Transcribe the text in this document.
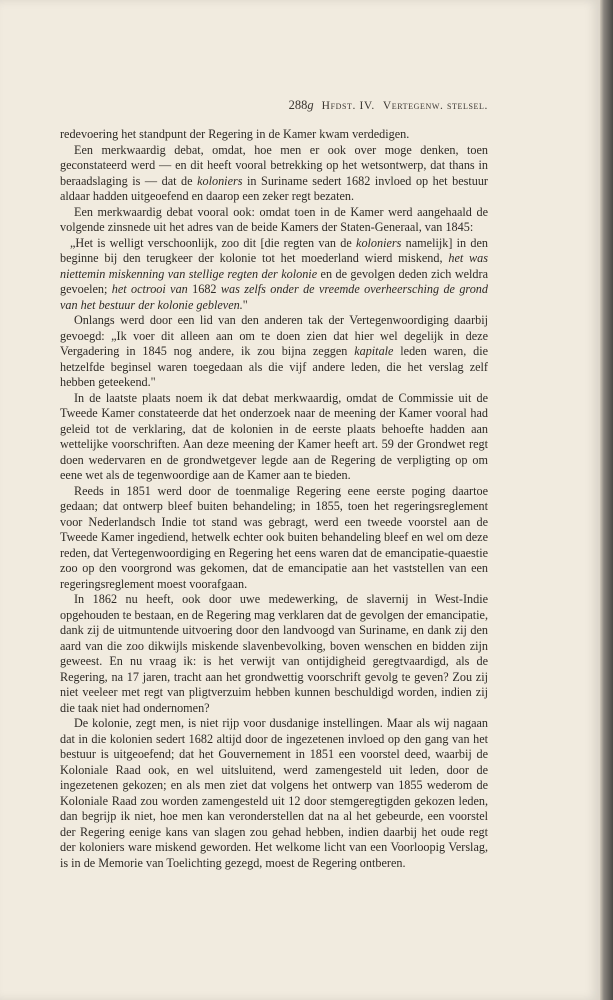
288g Hfdst. IV. Vertegenw. stelsel.

redevoering het standpunt der Regering in de Kamer kwam verdedigen.

Een merkwaardig debat, omdat, hoe men er ook over moge denken, toen geconstateerd werd — en dit heeft vooral betrekking op het wetsontwerp, dat thans in beraadslaging is — dat de koloniers in Suriname sedert 1682 invloed op het bestuur aldaar hadden uitgeoefend en daarop een zeker regt bezaten.

Een merkwaardig debat vooral ook: omdat toen in de Kamer werd aangehaald de volgende zinsnede uit het adres van de beide Kamers der Staten-Generaal, van 1845:

„Het is welligt verschoonlijk, zoo dit [die regten van de koloniers namelijk] in den beginne bij den terugkeer der kolonie tot het moederland wierd miskend, het was niettemin miskenning van stellige regten der kolonie en de gevolgen deden zich weldra gevoelen; het octrooi van 1682 was zelfs onder de vreemde overheersching de grond van het bestuur der kolonie gebleven."

Onlangs werd door een lid van den anderen tak der Vertegenwoordiging daarbij gevoegd: „Ik voer dit alleen aan om te doen zien dat hier wel degelijk in deze Vergadering in 1845 nog andere, ik zou bijna zeggen kapitale leden waren, die hetzelfde beginsel waren toegedaan als die vijf andere leden, die het verslag zelf hebben geteekend."

In de laatste plaats noem ik dat debat merkwaardig, omdat de Commissie uit de Tweede Kamer constateerde dat het onderzoek naar de meening der Kamer vooral had geleid tot de verklaring, dat de kolonien in de eerste plaats behoefte hadden aan wettelijke voorschriften. Aan deze meening der Kamer heeft art. 59 der Grondwet regt doen wedervaren en de grondwetgever legde aan de Regering de verpligting op om eene wet als de tegenwoordige aan de Kamer aan te bieden.

Reeds in 1851 werd door de toenmalige Regering eene eerste poging daartoe gedaan; dat ontwerp bleef buiten behandeling; in 1855, toen het regeringsreglement voor Nederlandsch Indie tot stand was gebragt, werd een tweede voorstel aan de Tweede Kamer ingediend, hetwelk echter ook buiten behandeling bleef en wel om deze reden, dat Vertegenwoordiging en Regering het eens waren dat de emancipatie-quaestie zoo op den voorgrond was gekomen, dat de emancipatie aan het vaststellen van een regeringsreglement moest voorafgaan.

In 1862 nu heeft, ook door uwe medewerking, de slavernij in West-Indie opgehouden te bestaan, en de Regering mag verklaren dat de gevolgen der emancipatie, dank zij de uitmuntende uitvoering door den landvoogd van Suriname, en dank zij den aard van die zoo dikwijls miskende slavenbevolking, boven wenschen en bidden zijn geweest. En nu vraag ik: is het verwijt van ontijdigheid geregtvaardigd, als de Regering, na 17 jaren, tracht aan het grondwettig voorschrift gevolg te geven? Zou zij niet veeleer met regt van pligtverzuim hebben kunnen beschuldigd worden, indien zij die taak niet had ondernomen?

De kolonie, zegt men, is niet rijp voor dusdanige instellingen. Maar als wij nagaan dat in die kolonien sedert 1682 altijd door de ingezetenen invloed op den gang van het bestuur is uitgeoefend; dat het Gouvernement in 1851 een voorstel deed, waarbij de Koloniale Raad ook, en wel uitsluitend, werd zamengesteld uit leden, door de ingezetenen gekozen; en als men ziet dat volgens het ontwerp van 1855 wederom de Koloniale Raad zou worden zamengesteld uit 12 door stemgeregtigden gekozen leden, dan begrijp ik niet, hoe men kan veronderstellen dat na al het gebeurde, een voorstel der Regering eenige kans van slagen zou gehad hebben, indien daarbij het oude regt der koloniers ware miskend geworden. Het welkome licht van een Voorloopig Verslag, is in de Memorie van Toelichting gezegd, moest de Regering ontberen.
